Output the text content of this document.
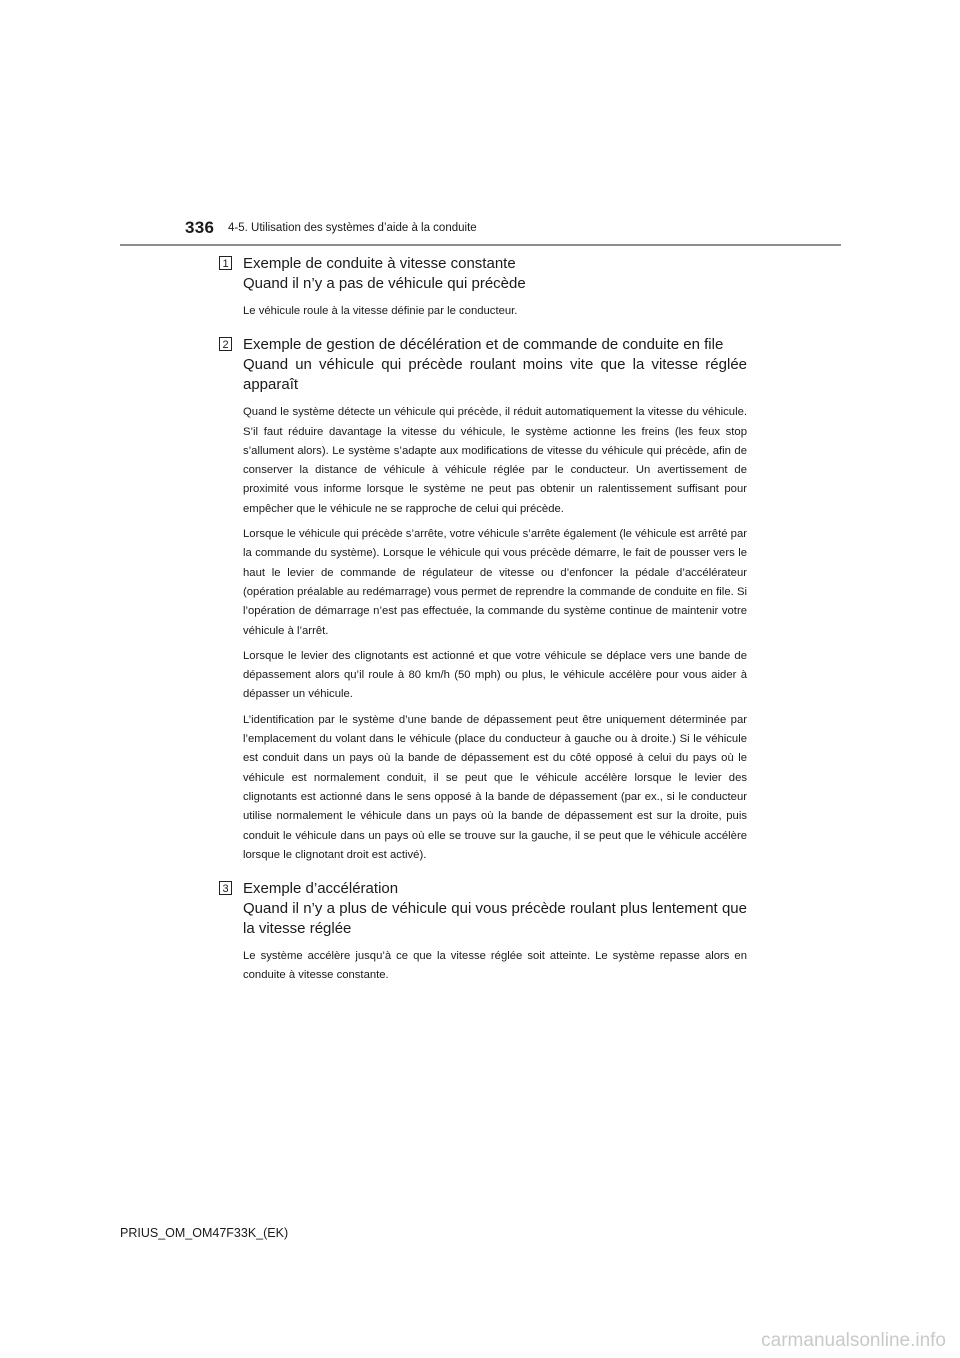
336 4-5. Utilisation des systèmes d’aide à la conduite
1 Exemple de conduite à vitesse constante
Quand il n’y a pas de véhicule qui précède

Le véhicule roule à la vitesse définie par le conducteur.

2 Exemple de gestion de décélération et de commande de conduite en file
Quand un véhicule qui précède roulant moins vite que la vitesse réglée apparaît

Quand le système détecte un véhicule qui précède, il réduit automatiquement la vitesse du véhicule. S’il faut réduire davantage la vitesse du véhicule, le système actionne les freins (les feux stop s’allument alors). Le système s’adapte aux modifications de vitesse du véhicule qui précède, afin de conserver la distance de véhicule à véhicule réglée par le conducteur. Un avertissement de proximité vous informe lorsque le système ne peut pas obtenir un ralentissement suffisant pour empêcher que le véhicule ne se rapproche de celui qui précède.

Lorsque le véhicule qui précède s’arrête, votre véhicule s’arrête également (le véhicule est arrêté par la commande du système). Lorsque le véhicule qui vous précède démarre, le fait de pousser vers le haut le levier de commande de régulateur de vitesse ou d’enfoncer la pédale d’accélérateur (opération préalable au redémarrage) vous permet de reprendre la commande de conduite en file. Si l’opération de démarrage n’est pas effectuée, la commande du système continue de maintenir votre véhicule à l’arrêt.

Lorsque le levier des clignotants est actionné et que votre véhicule se déplace vers une bande de dépassement alors qu’il roule à 80 km/h (50 mph) ou plus, le véhicule accélère pour vous aider à dépasser un véhicule.

L’identification par le système d’une bande de dépassement peut être uniquement déterminée par l’emplacement du volant dans le véhicule (place du conducteur à gauche ou à droite.) Si le véhicule est conduit dans un pays où la bande de dépassement est du côté opposé à celui du pays où le véhicule est normalement conduit, il se peut que le véhicule accélère lorsque le levier des clignotants est actionné dans le sens opposé à la bande de dépassement (par ex., si le conducteur utilise normalement le véhicule dans un pays où la bande de dépassement est sur la droite, puis conduit le véhicule dans un pays où elle se trouve sur la gauche, il se peut que le véhicule accélère lorsque le clignotant droit est activé).

3 Exemple d’accélération
Quand il n’y a plus de véhicule qui vous précède roulant plus lentement que la vitesse réglée

Le système accélère jusqu’à ce que la vitesse réglée soit atteinte. Le système repasse alors en conduite à vitesse constante.

PRIUS_OM_OM47F33K_(EK)
carmanualsonline.info
